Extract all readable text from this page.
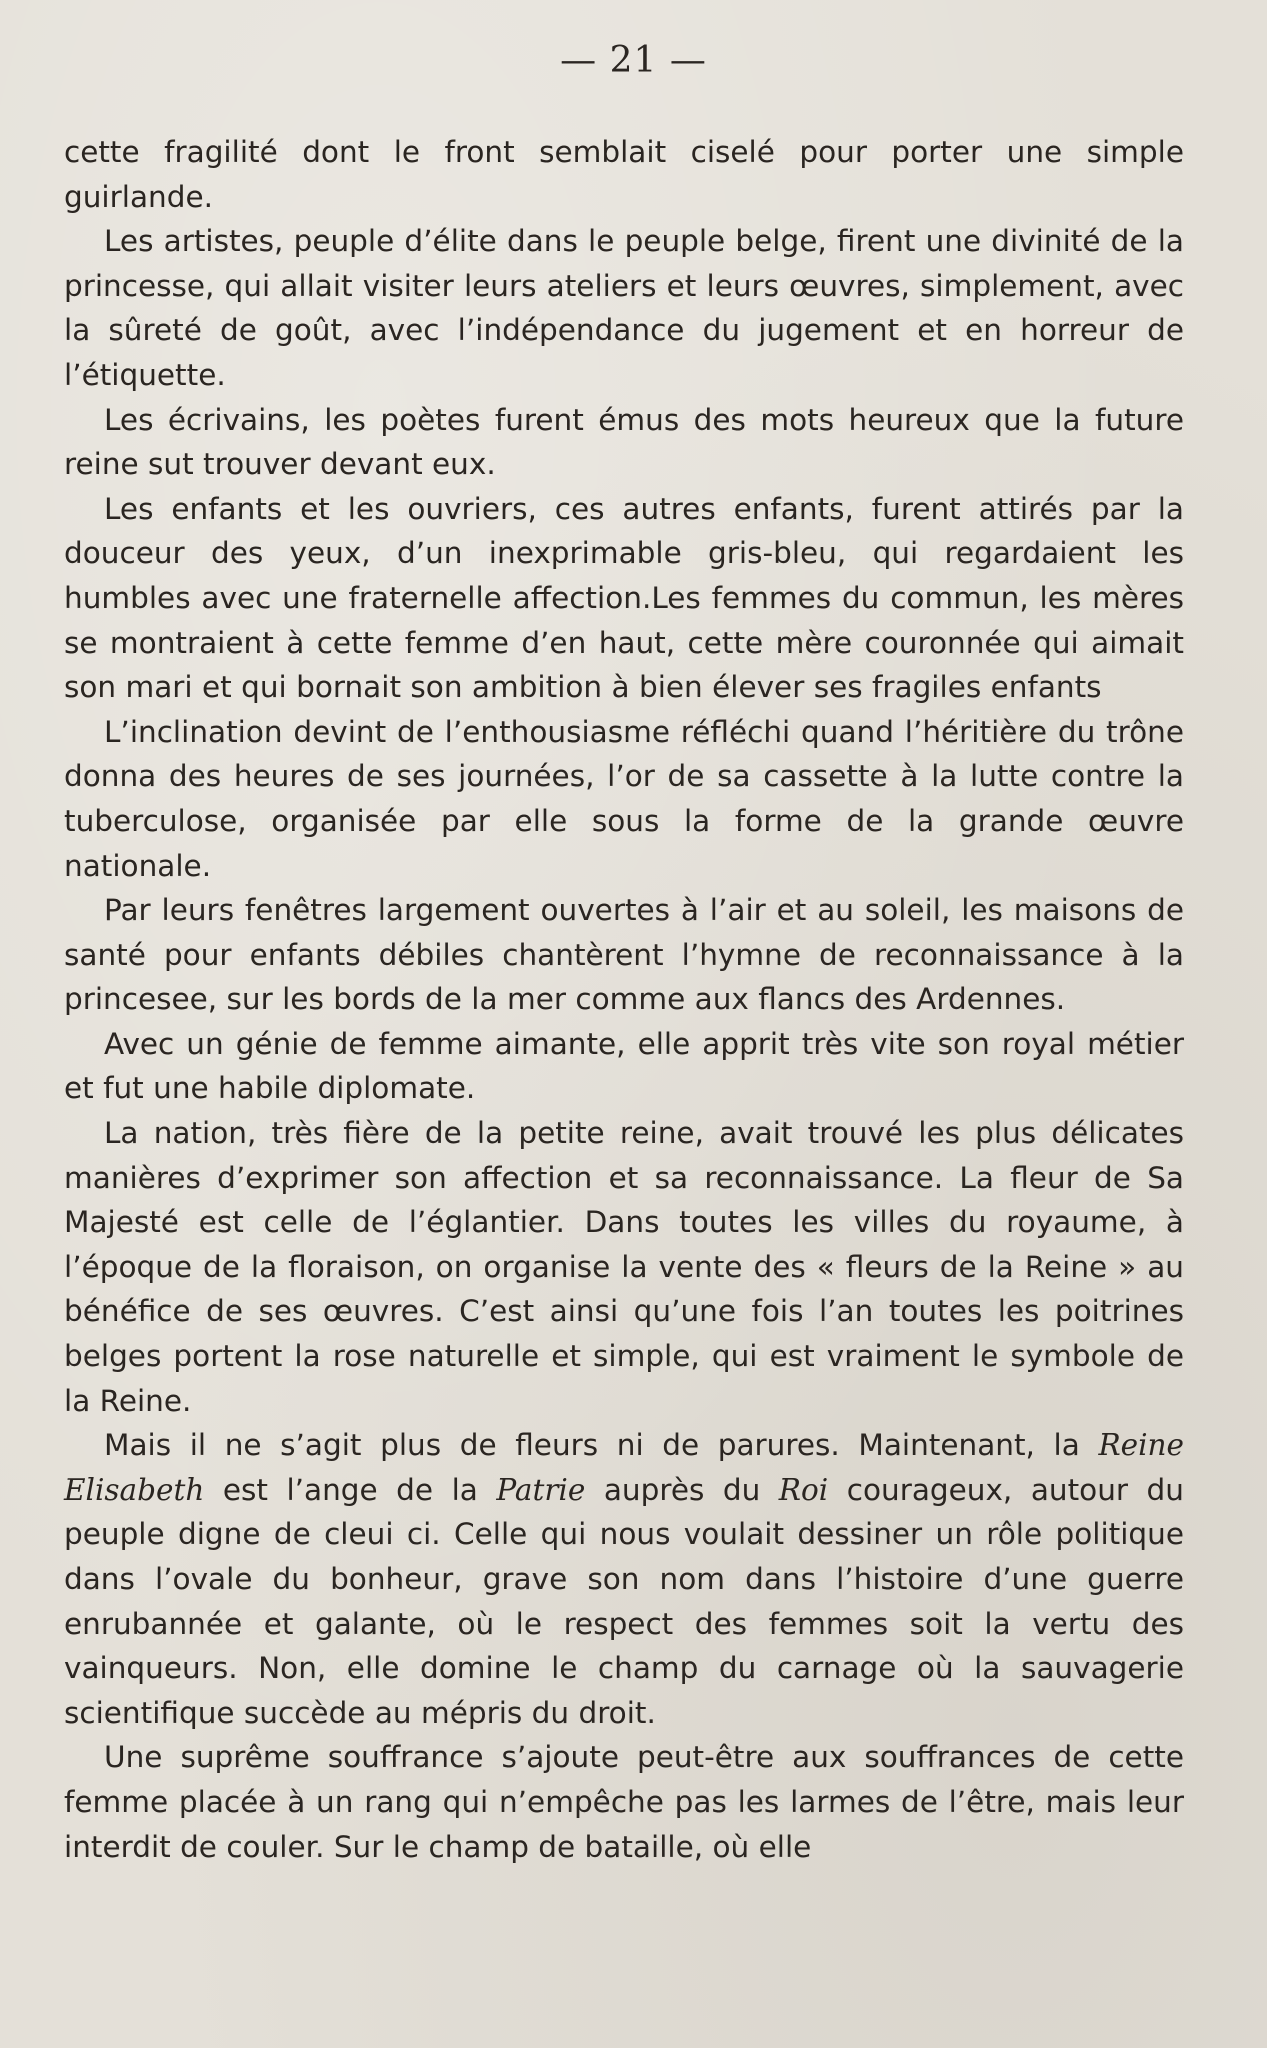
— 21 —

cette fragilité dont le front semblait ciselé pour porter une simple guirlande.

Les artistes, peuple d’élite dans le peuple belge, firent une divinité de la princesse, qui allait visiter leurs ateliers et leurs œuvres, simplement, avec la sûreté de goût, avec l’indépendance du jugement et en horreur de l’étiquette.

Les écrivains, les poètes furent émus des mots heureux que la future reine sut trouver devant eux.

Les enfants et les ouvriers, ces autres enfants, furent attirés par la douceur des yeux, d’un inexprimable gris-bleu, qui regardaient les humbles avec une fraternelle affection.Les femmes du commun, les mères se montraient à cette femme d’en haut, cette mère couronnée qui aimait son mari et qui bornait son ambition à bien élever ses fragiles enfants

L’inclination devint de l’enthousiasme réfléchi quand l’héritière du trône donna des heures de ses journées, l’or de sa cassette à la lutte contre la tuberculose, organisée par elle sous la forme de la grande œuvre nationale.

Par leurs fenêtres largement ouvertes à l’air et au soleil, les maisons de santé pour enfants débiles chantèrent l’hymne de reconnaissance à la princesee, sur les bords de la mer comme aux flancs des Ardennes.

Avec un génie de femme aimante, elle apprit très vite son royal métier et fut une habile diplomate.

La nation, très fière de la petite reine, avait trouvé les plus délicates manières d’exprimer son affection et sa reconnaissance. La fleur de Sa Majesté est celle de l’églantier. Dans toutes les villes du royaume, à l’époque de la floraison, on organise la vente des « fleurs de la Reine » au bénéfice de ses œuvres. C’est ainsi qu’une fois l’an toutes les poitrines belges portent la rose naturelle et simple, qui est vraiment le symbole de la Reine.

Mais il ne s’agit plus de fleurs ni de parures. Maintenant, la Reine Elisabeth est l’ange de la Patrie auprès du Roi courageux, autour du peuple digne de cleui ci. Celle qui nous voulait dessiner un rôle politique dans l’ovale du bonheur, grave son nom dans l’histoire d’une guerre enrubannée et galante, où le respect des femmes soit la vertu des vainqueurs. Non, elle domine le champ du carnage où la sauvagerie scientifique succède au mépris du droit.

Une suprême souffrance s’ajoute peut-être aux souffrances de cette femme placée à un rang qui n’empêche pas les larmes de l’être, mais leur interdit de couler. Sur le champ de bataille, où elle
